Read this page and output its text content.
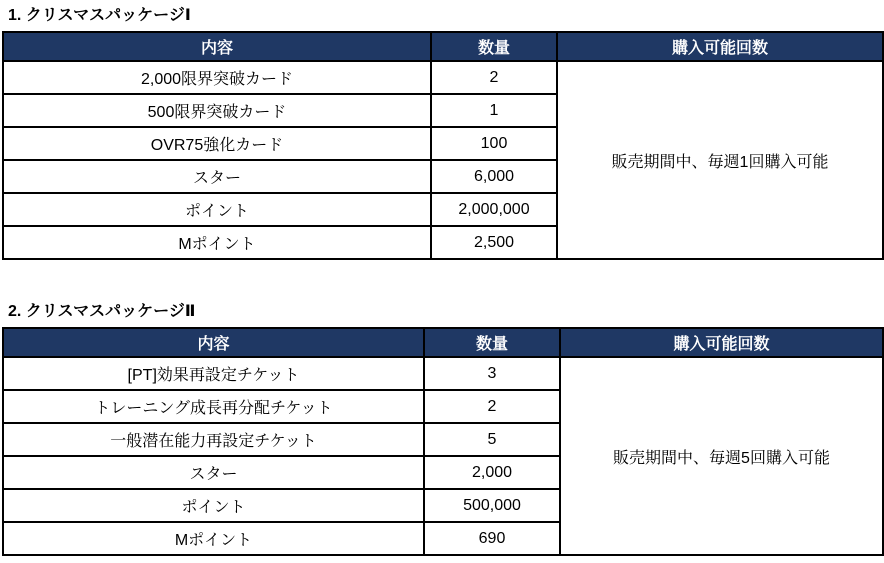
1. クリスマスパッケージⅠ
内容	数量	購入可能回数
2,000限界突破カード	2	販売期間中、毎週1回購入可能
500限界突破カード	1	
OVR75強化カード	100	
スター	6,000	
ポイント	2,000,000	
Mポイント	2,500	
2. クリスマスパッケージⅡ
内容	数量	購入可能回数
[PT]効果再設定チケット	3	販売期間中、毎週5回購入可能
トレーニング成長再分配チケット	2	
一般潜在能力再設定チケット	5	
スター	2,000	
ポイント	500,000	
Mポイント	690	
